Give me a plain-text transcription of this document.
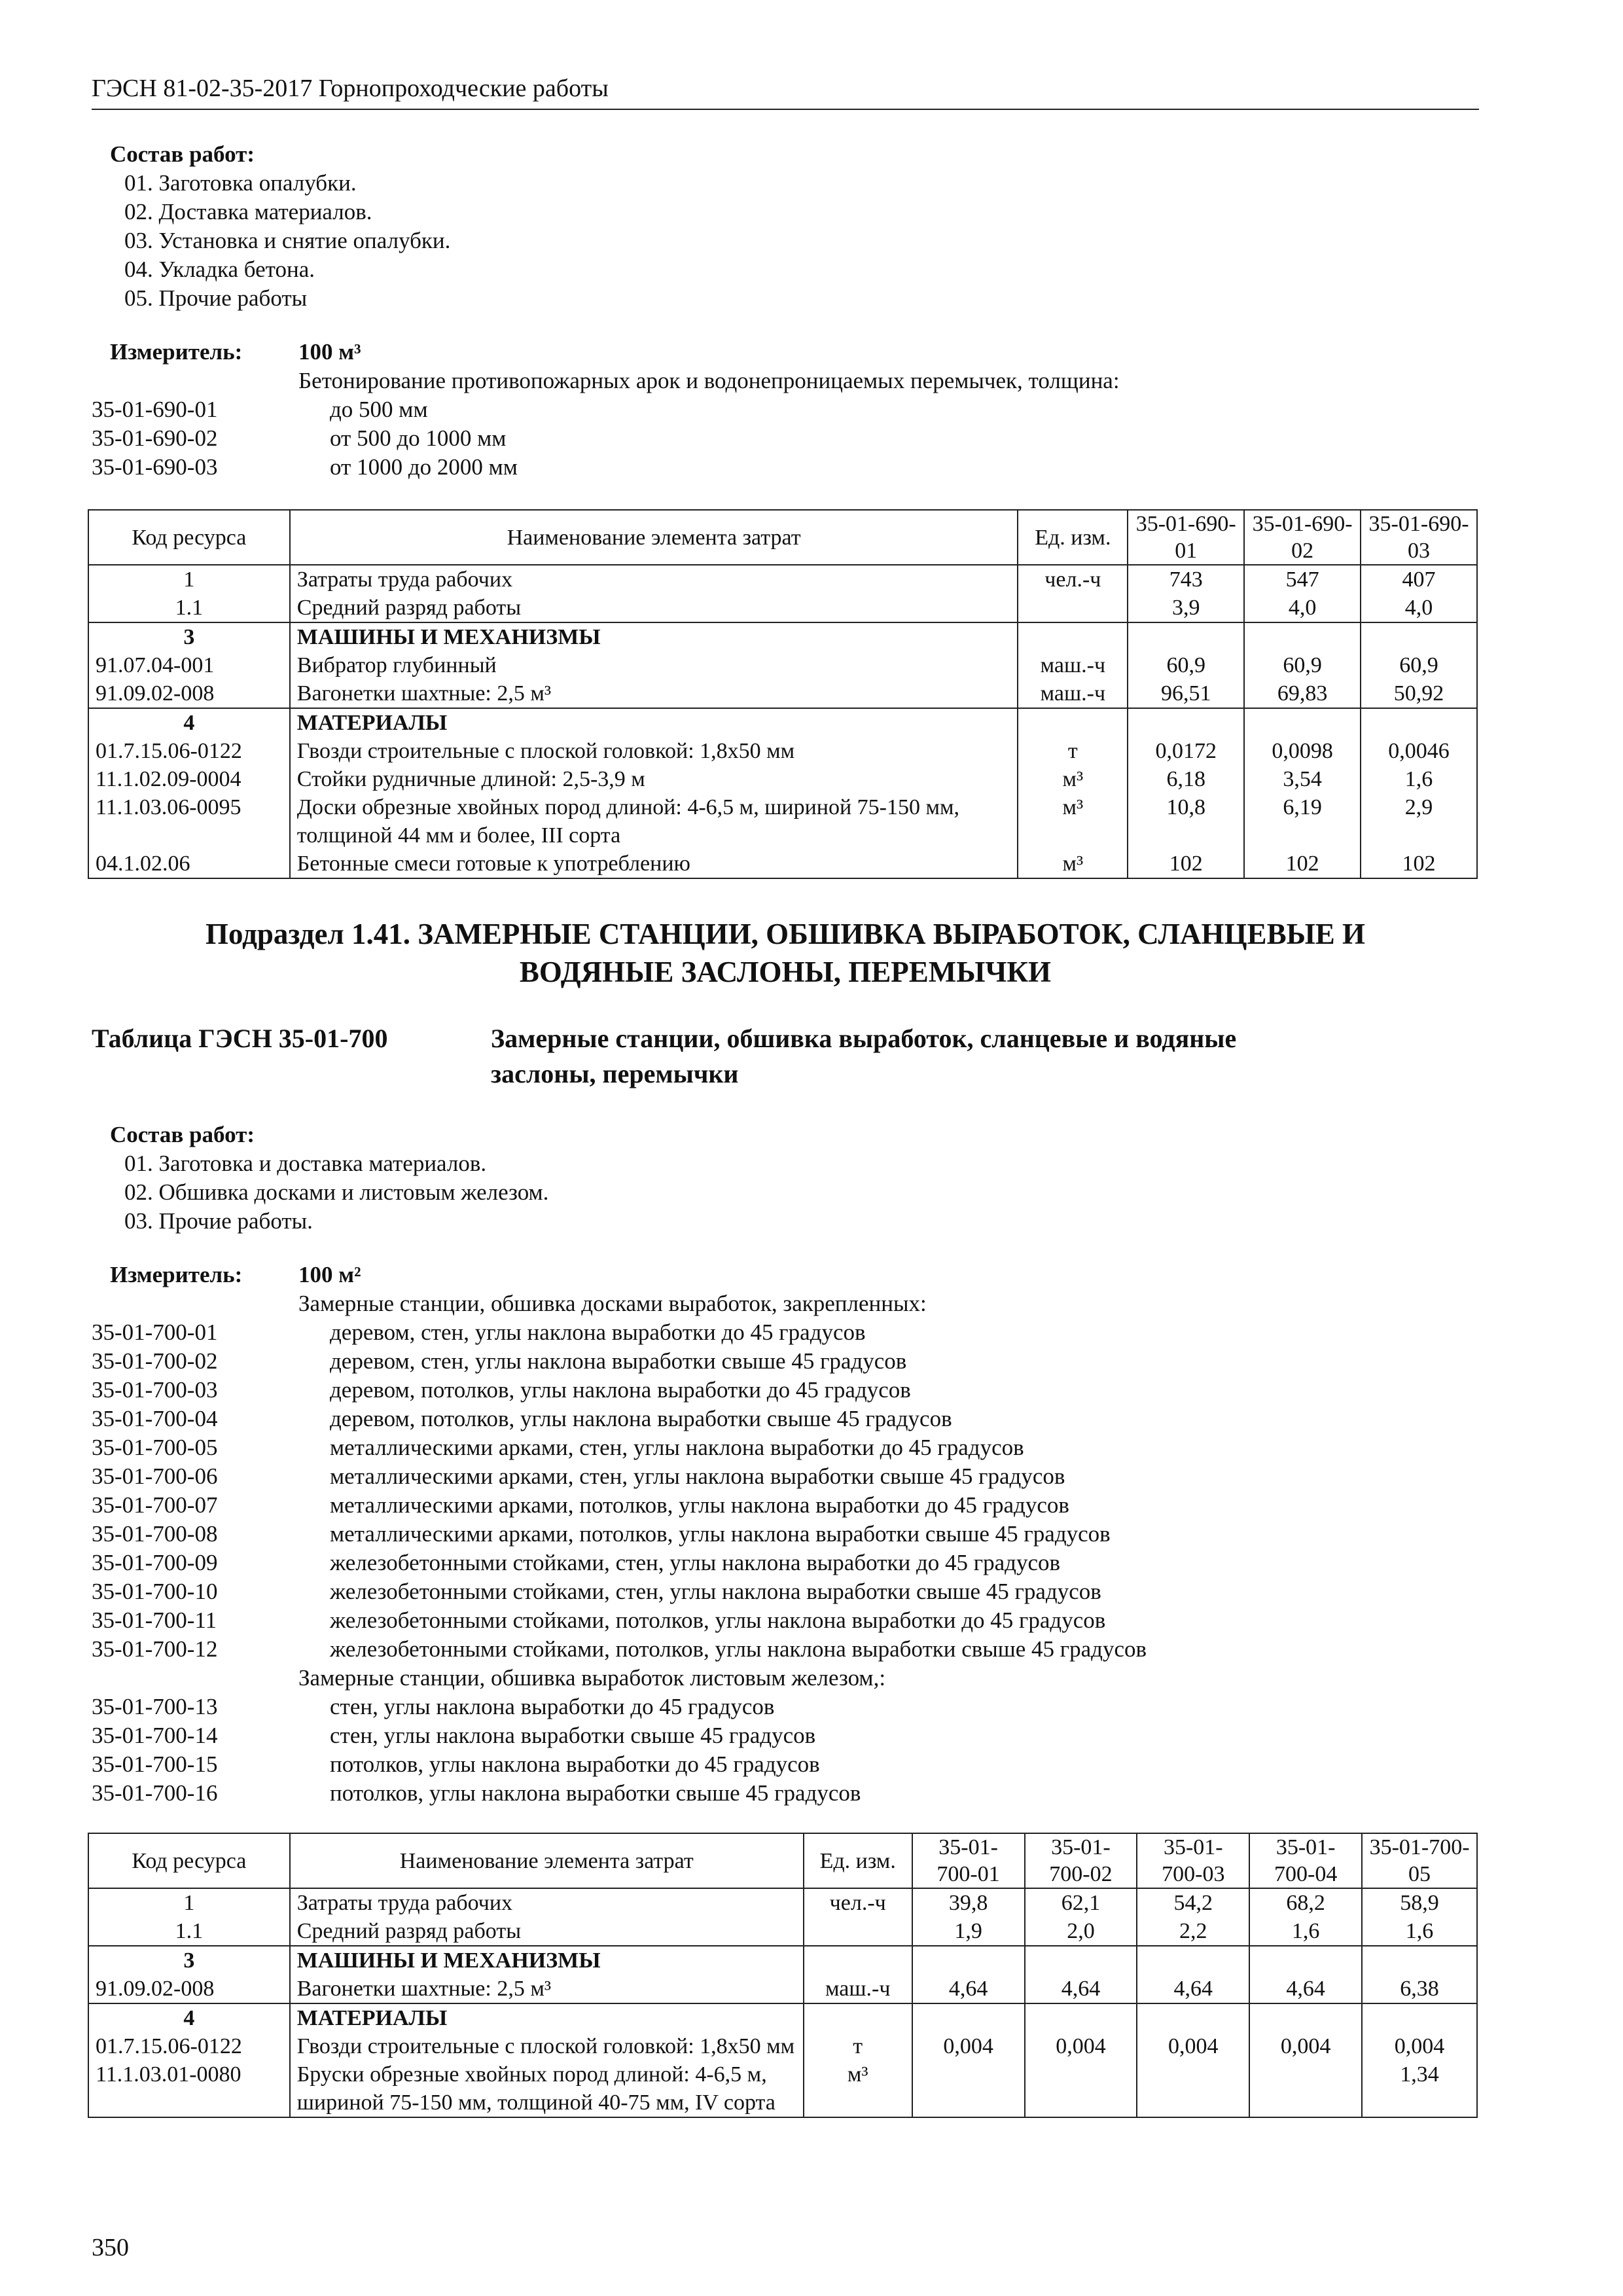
ГЭСН 81-02-35-2017 Горнопроходческие работы
Состав работ:
01. Заготовка опалубки.
02. Доставка материалов.
03. Установка и снятие опалубки.
04. Укладка бетона.
05. Прочие работы
Измеритель: 100 м³
Бетонирование противопожарных арок и водонепроницаемых перемычек, толщина:
35-01-690-01	до 500 мм
35-01-690-02	от 500 до 1000 мм
35-01-690-03	от 1000 до 2000 мм
Код ресурса	Наименование элемента затрат	Ед. изм.	35-01-690-01	35-01-690-02	35-01-690-03
1	Затраты труда рабочих	чел.-ч	743	547	407
1.1	Средний разряд работы		3,9	4,0	4,0
3	МАШИНЫ И МЕХАНИЗМЫ				
91.07.04-001	Вибратор глубинный	маш.-ч	60,9	60,9	60,9
91.09.02-008	Вагонетки шахтные: 2,5 м³	маш.-ч	96,51	69,83	50,92
4	МАТЕРИАЛЫ				
01.7.15.06-0122	Гвозди строительные с плоской головкой: 1,8х50 мм	т	0,0172	0,0098	0,0046
11.1.02.09-0004	Стойки рудничные длиной: 2,5-3,9 м	м³	6,18	3,54	1,6
11.1.03.06-0095	Доски обрезные хвойных пород длиной: 4-6,5 м, шириной 75-150 мм, толщиной 44 мм и более, III сорта	м³	10,8	6,19	2,9
04.1.02.06	Бетонные смеси готовые к употреблению	м³	102	102	102
Подраздел 1.41. ЗАМЕРНЫЕ СТАНЦИИ, ОБШИВКА ВЫРАБОТОК, СЛАНЦЕВЫЕ И
ВОДЯНЫЕ ЗАСЛОНЫ, ПЕРЕМЫЧКИ
Таблица ГЭСН 35-01-700	Замерные станции, обшивка выработок, сланцевые и водяные
заслоны, перемычки
Состав работ:
01. Заготовка и доставка материалов.
02. Обшивка досками и листовым железом.
03. Прочие работы.
Измеритель: 100 м²
Замерные станции, обшивка досками выработок, закрепленных:
35-01-700-01	деревом, стен, углы наклона выработки до 45 градусов
35-01-700-02	деревом, стен, углы наклона выработки свыше 45 градусов
35-01-700-03	деревом, потолков, углы наклона выработки до 45 градусов
35-01-700-04	деревом, потолков, углы наклона выработки свыше 45 градусов
35-01-700-05	металлическими арками, стен, углы наклона выработки до 45 градусов
35-01-700-06	металлическими арками, стен, углы наклона выработки свыше 45 градусов
35-01-700-07	металлическими арками, потолков, углы наклона выработки до 45 градусов
35-01-700-08	металлическими арками, потолков, углы наклона выработки свыше 45 градусов
35-01-700-09	железобетонными стойками, стен, углы наклона выработки до 45 градусов
35-01-700-10	железобетонными стойками, стен, углы наклона выработки свыше 45 градусов
35-01-700-11	железобетонными стойками, потолков, углы наклона выработки до 45 градусов
35-01-700-12	железобетонными стойками, потолков, углы наклона выработки свыше 45 градусов
Замерные станции, обшивка выработок листовым железом,:
35-01-700-13	стен, углы наклона выработки до 45 градусов
35-01-700-14	стен, углы наклона выработки свыше 45 градусов
35-01-700-15	потолков, углы наклона выработки до 45 градусов
35-01-700-16	потолков, углы наклона выработки свыше 45 градусов
Код ресурса	Наименование элемента затрат	Ед. изм.	35-01-700-01	35-01-700-02	35-01-700-03	35-01-700-04	35-01-700-05
1	Затраты труда рабочих	чел.-ч	39,8	62,1	54,2	68,2	58,9
1.1	Средний разряд работы		1,9	2,0	2,2	1,6	1,6
3	МАШИНЫ И МЕХАНИЗМЫ						
91.09.02-008	Вагонетки шахтные: 2,5 м³	маш.-ч	4,64	4,64	4,64	4,64	6,38
4	МАТЕРИАЛЫ						
01.7.15.06-0122	Гвозди строительные с плоской головкой: 1,8х50 мм	т	0,004	0,004	0,004	0,004	0,004
11.1.03.01-0080	Бруски обрезные хвойных пород длиной: 4-6,5 м, шириной 75-150 мм, толщиной 40-75 мм, IV сорта	м³					1,34
350
